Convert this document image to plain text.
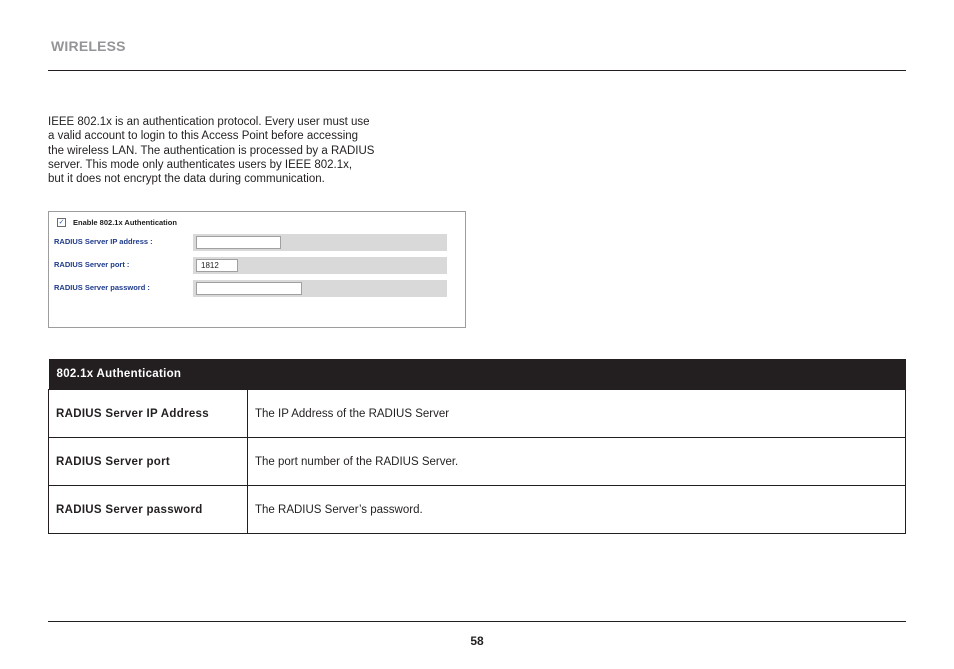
WIRELESS

IEEE 802.1x is an authentication protocol. Every user must use

a valid account to login to this Access Point before accessing

the wireless LAN. The authentication is processed by a RADIUS

server. This mode only authenticates users by IEEE 802.1x,

but it does not encrypt the data during communication.

✓ Enable 802.1x Authentication
RADIUS Server IP address :
RADIUS Server port :	1812
RADIUS Server password :
802.1x Authentication	
RADIUS Server IP Address	The IP Address of the RADIUS Server
RADIUS Server port	The port number of the RADIUS Server.
RADIUS Server password	The RADIUS Server’s password.
58
